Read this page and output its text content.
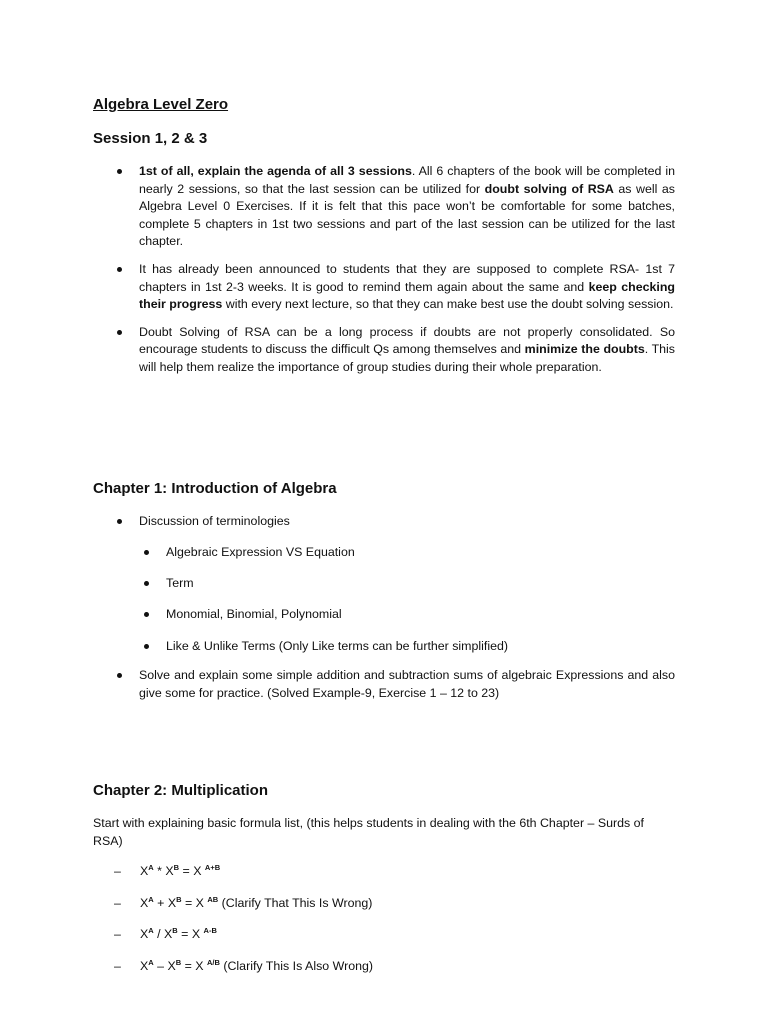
Algebra Level Zero
Session 1, 2 & 3
1st of all, explain the agenda of all 3 sessions. All 6 chapters of the book will be completed in nearly 2 sessions, so that the last session can be utilized for doubt solving of RSA as well as Algebra Level 0 Exercises. If it is felt that this pace won’t be comfortable for some batches, complete 5 chapters in 1st two sessions and part of the last session can be utilized for the last chapter.
It has already been announced to students that they are supposed to complete RSA- 1st 7 chapters in 1st 2-3 weeks. It is good to remind them again about the same and keep checking their progress with every next lecture, so that they can make best use the doubt solving session.
Doubt Solving of RSA can be a long process if doubts are not properly consolidated. So encourage students to discuss the difficult Qs among themselves and minimize the doubts. This will help them realize the importance of group studies during their whole preparation.
Chapter 1: Introduction of Algebra
Discussion of terminologies
Algebraic Expression VS Equation
Term
Monomial, Binomial, Polynomial
Like & Unlike Terms (Only Like terms can be further simplified)
Solve and explain some simple addition and subtraction sums of algebraic Expressions and also give some for practice. (Solved Example-9, Exercise 1 – 12 to 23)
Chapter 2: Multiplication

Start with explaining basic formula list, (this helps students in dealing with the 6th Chapter – Surds of RSA)

– $X^A * X^B = X$ $^{A+B}$
– $X^A + X^B = X$ $^{AB}$ (Clarify That This Is Wrong)
– $X^A / X^B = X$ $^{A-B}$
– $X^A - X^B = X$ $^{A/B}$ (Clarify This Is Also Wrong)
